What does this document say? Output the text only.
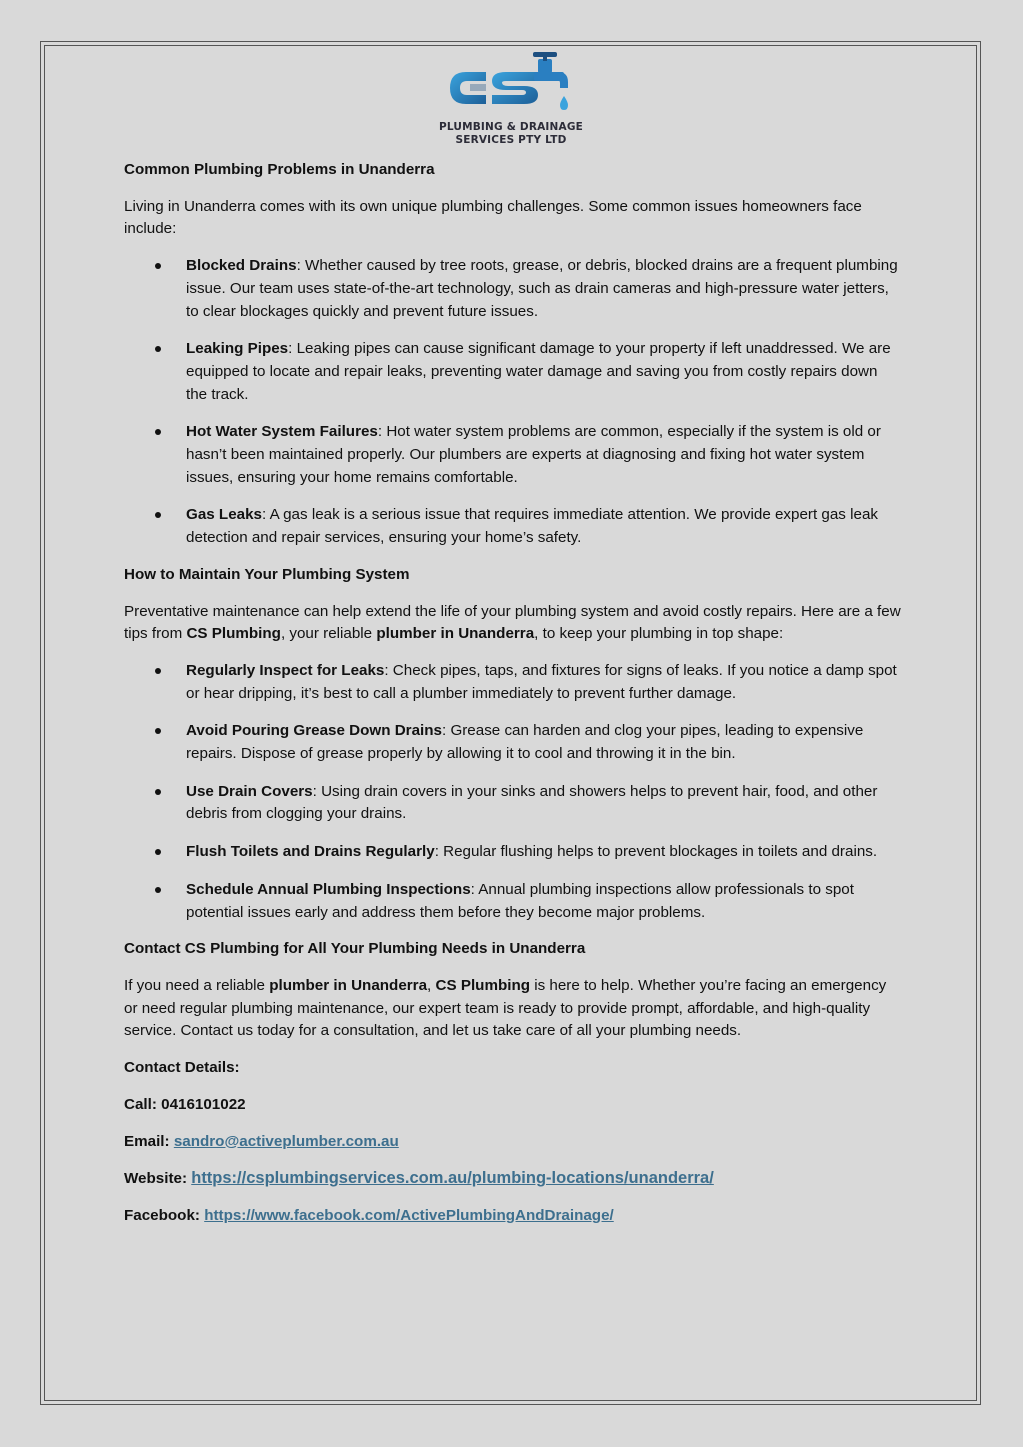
PLUMBING & DRAINAGE
SERVICES PTY LTD

Common Plumbing Problems in Unanderra

Living in Unanderra comes with its own unique plumbing challenges. Some common issues homeowners face include:

Blocked Drains: Whether caused by tree roots, grease, or debris, blocked drains are a frequent plumbing issue. Our team uses state-of-the-art technology, such as drain cameras and high-pressure water jetters, to clear blockages quickly and prevent future issues.
Leaking Pipes: Leaking pipes can cause significant damage to your property if left unaddressed. We are equipped to locate and repair leaks, preventing water damage and saving you from costly repairs down the track.
Hot Water System Failures: Hot water system problems are common, especially if the system is old or hasn’t been maintained properly. Our plumbers are experts at diagnosing and fixing hot water system issues, ensuring your home remains comfortable.
Gas Leaks: A gas leak is a serious issue that requires immediate attention. We provide expert gas leak detection and repair services, ensuring your home’s safety.

How to Maintain Your Plumbing System

Preventative maintenance can help extend the life of your plumbing system and avoid costly repairs. Here are a few tips from CS Plumbing, your reliable plumber in Unanderra, to keep your plumbing in top shape:

Regularly Inspect for Leaks: Check pipes, taps, and fixtures for signs of leaks. If you notice a damp spot or hear dripping, it’s best to call a plumber immediately to prevent further damage.
Avoid Pouring Grease Down Drains: Grease can harden and clog your pipes, leading to expensive repairs. Dispose of grease properly by allowing it to cool and throwing it in the bin.
Use Drain Covers: Using drain covers in your sinks and showers helps to prevent hair, food, and other debris from clogging your drains.
Flush Toilets and Drains Regularly: Regular flushing helps to prevent blockages in toilets and drains.
Schedule Annual Plumbing Inspections: Annual plumbing inspections allow professionals to spot potential issues early and address them before they become major problems.

Contact CS Plumbing for All Your Plumbing Needs in Unanderra

If you need a reliable plumber in Unanderra, CS Plumbing is here to help. Whether you’re facing an emergency or need regular plumbing maintenance, our expert team is ready to provide prompt, affordable, and high-quality service. Contact us today for a consultation, and let us take care of all your plumbing needs.

Contact Details:

Call: 0416101022

Email: sandro@activeplumber.com.au

Website: https://csplumbingservices.com.au/plumbing-locations/unanderra/

Facebook: https://www.facebook.com/ActivePlumbingAndDrainage/
